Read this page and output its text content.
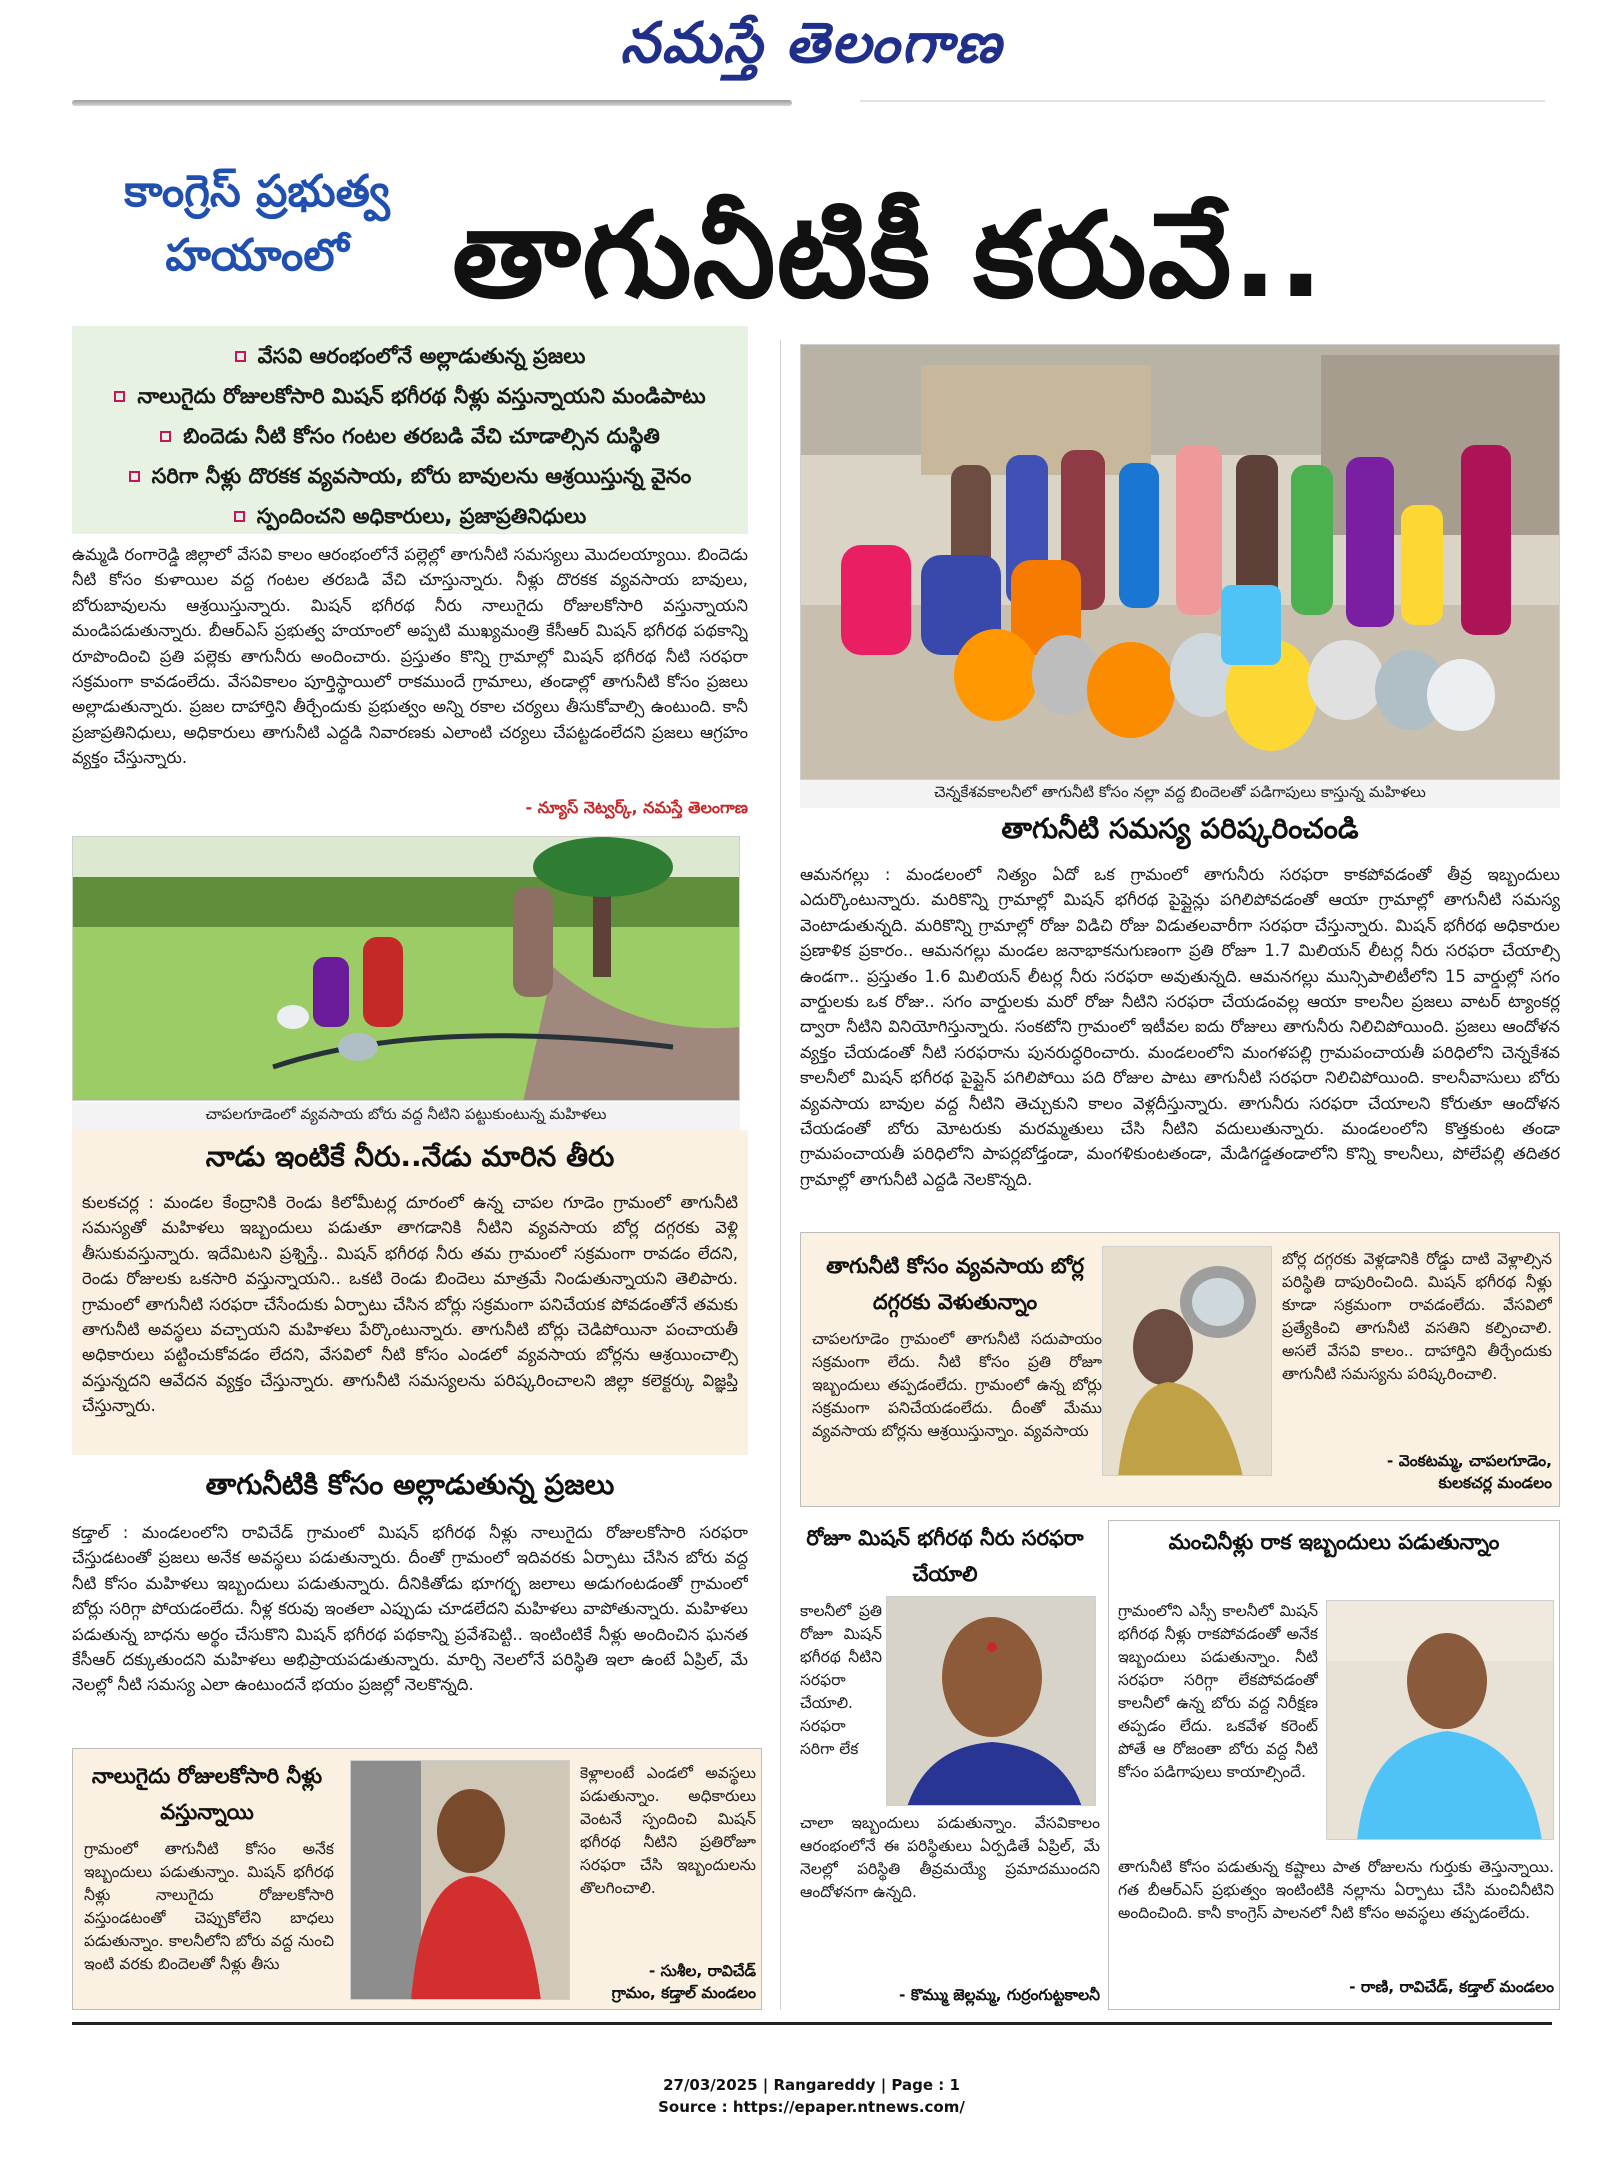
నమస్తే తెలంగాణ
కాంగ్రెస్ ప్రభుత్వ
హయాంలో తాగునీటికీ కరువే..
వేసవి ఆరంభంలోనే అల్లాడుతున్న ప్రజలు
నాలుగైదు రోజులకోసారి మిషన్ భగీరథ నీళ్లు వస్తున్నాయని మండిపాటు
బిందెడు నీటి కోసం గంటల తరబడి వేచి చూడాల్సిన దుస్థితి
సరిగా నీళ్లు దొరకక వ్యవసాయ, బోరు బావులను ఆశ్రయిస్తున్న వైనం
స్పందించని అధికారులు, ప్రజాప్రతినిధులు
ఉమ్మడి రంగారెడ్డి జిల్లాలో వేసవి కాలం ఆరంభంలోనే పల్లెల్లో తాగునీటి సమస్యలు మొదలయ్యాయి. బిందెడు నీటి కోసం కుళాయిల వద్ద గంటల తరబడి వేచి చూస్తున్నారు. నీళ్లు దొరకక వ్యవసాయ బావులు, బోరుబావులను ఆశ్రయిస్తున్నారు. మిషన్ భగీరథ నీరు నాలుగైదు రోజులకోసారి వస్తున్నాయని మండిపడుతున్నారు. బీఆర్ఎస్ ప్రభుత్వ హయాంలో అప్పటి ముఖ్యమంత్రి కేసీఆర్ మిషన్ భగీరథ పథకాన్ని రూపొందించి ప్రతి పల్లెకు తాగునీరు అందించారు. ప్రస్తుతం కొన్ని గ్రామాల్లో మిషన్ భగీరథ నీటి సరఫరా సక్రమంగా కావడంలేదు. వేసవికాలం పూర్తిస్థాయిలో రాకముందే గ్రామాలు, తండాల్లో తాగునీటి కోసం ప్రజలు అల్లాడుతున్నారు. ప్రజల దాహార్తిని తీర్చేందుకు ప్రభుత్వం అన్ని రకాల చర్యలు తీసుకోవాల్సి ఉంటుంది. కానీ ప్రజాప్రతినిధులు, అధికారులు తాగునీటి ఎద్దడి నివారణకు ఎలాంటి చర్యలు చేపట్టడంలేదని ప్రజలు ఆగ్రహం వ్యక్తం చేస్తున్నారు.
- న్యూస్ నెట్వర్క్, నమస్తే తెలంగాణ
చెన్నకేశవకాలనీలో తాగునీటి కోసం నల్లా వద్ద బిందెలతో పడిగాపులు కాస్తున్న మహిళలు
తాగునీటి సమస్య పరిష్కరించండి
ఆమనగల్లు : మండలంలో నిత్యం ఏదో ఒక గ్రామంలో తాగునీరు సరఫరా కాకపోవడంతో తీవ్ర ఇబ్బందులు ఎదుర్కొంటున్నారు. మరికొన్ని గ్రామాల్లో మిషన్ భగీరథ పైప్లైన్లు పగిలిపోవడంతో ఆయా గ్రామాల్లో తాగునీటి సమస్య వెంటాడుతున్నది. మరికొన్ని గ్రామాల్లో రోజు విడిచి రోజు విడుతలవారీగా సరఫరా చేస్తున్నారు. మిషన్ భగీరథ అధికారుల ప్రణాళిక ప్రకారం.. ఆమనగల్లు మండల జనాభాకనుగుణంగా ప్రతి రోజూ 1.7 మిలియన్ లీటర్ల నీరు సరఫరా చేయాల్సి ఉండగా.. ప్రస్తుతం 1.6 మిలియన్ లీటర్ల నీరు సరఫరా అవుతున్నది. ఆమనగల్లు మున్సిపాలిటీలోని 15 వార్డుల్లో సగం వార్డులకు ఒక రోజు.. సగం వార్డులకు మరో రోజు నీటిని సరఫరా చేయడంవల్ల ఆయా కాలనీల ప్రజలు వాటర్ ట్యాంకర్ల ద్వారా నీటిని వినియోగిస్తున్నారు. సంకటోని గ్రామంలో ఇటీవల ఐదు రోజులు తాగునీరు నిలిచిపోయింది. ప్రజలు ఆందోళన వ్యక్తం చేయడంతో నీటి సరఫరాను పునరుద్ధరించారు. మండలంలోని మంగళపల్లి గ్రామపంచాయతీ పరిధిలోని చెన్నకేశవ కాలనీలో మిషన్ భగీరథ పైప్లైన్ పగిలిపోయి పది రోజుల పాటు తాగునీటి సరఫరా నిలిచిపోయింది. కాలనీవాసులు బోరు వ్యవసాయ బావుల వద్ద నీటిని తెచ్చుకుని కాలం వెళ్లదీస్తున్నారు. తాగునీరు సరఫరా చేయాలని కోరుతూ ఆందోళన చేయడంతో బోరు మోటరుకు మరమ్మతులు చేసి నీటిని వదులుతున్నారు. మండలంలోని కొత్తకుంట తండా గ్రామపంచాయతీ పరిధిలోని పాపర్లబోడ్తండా, మంగళికుంటతండా, మేడిగడ్డతండాలోని కొన్ని కాలనీలు, పోలేపల్లి తదితర గ్రామాల్లో తాగునీటి ఎద్దడి నెలకొన్నది.
చాపలగూడెంలో వ్యవసాయ బోరు వద్ద నీటిని పట్టుకుంటున్న మహిళలు
నాడు ఇంటికే నీరు..నేడు మారిన తీరు
కులకచర్ల : మండల కేంద్రానికి రెండు కిలోమీటర్ల దూరంలో ఉన్న చాపల గూడెం గ్రామంలో తాగునీటి సమస్యతో మహిళలు ఇబ్బందులు పడుతూ తాగడానికి నీటిని వ్యవసాయ బోర్ల దగ్గరకు వెళ్లి తీసుకువస్తున్నారు. ఇదేమిటని ప్రశ్నిస్తే.. మిషన్ భగీరథ నీరు తమ గ్రామంలో సక్రమంగా రావడం లేదని, రెండు రోజులకు ఒకసారి వస్తున్నాయని.. ఒకటి రెండు బిందెలు మాత్రమే నిండుతున్నాయని తెలిపారు. గ్రామంలో తాగునీటి సరఫరా చేసేందుకు ఏర్పాటు చేసిన బోర్లు సక్రమంగా పనిచేయక పోవడంతోనే తమకు తాగునీటి అవస్థలు వచ్చాయని మహిళలు పేర్కొంటున్నారు. తాగునీటి బోర్లు చెడిపోయినా పంచాయతీ అధికారులు పట్టించుకోవడం లేదని, వేసవిలో నీటి కోసం ఎండలో వ్యవసాయ బోర్లను ఆశ్రయించాల్సి వస్తున్నదని ఆవేదన వ్యక్తం చేస్తున్నారు. తాగునీటి సమస్యలను పరిష్కరించాలని జిల్లా కలెక్టర్కు విజ్ఞప్తి చేస్తున్నారు.
తాగునీటికి కోసం అల్లాడుతున్న ప్రజలు
కడ్తాల్ : మండలంలోని రావిచేడ్ గ్రామంలో మిషన్ భగీరథ నీళ్లు నాలుగైదు రోజులకోసారి సరఫరా చేస్తుడటంతో ప్రజలు అనేక అవస్థలు పడుతున్నారు. దీంతో గ్రామంలో ఇదివరకు ఏర్పాటు చేసిన బోరు వద్ద నీటి కోసం మహిళలు ఇబ్బందులు పడుతున్నారు. దీనికితోడు భూగర్భ జలాలు అడుగంటడంతో గ్రామంలో బోర్లు సరిగ్గా పోయడంలేదు. నీళ్ల కరువు ఇంతలా ఎప్పుడు చూడలేదని మహిళలు వాపోతున్నారు. మహిళలు పడుతున్న బాధను అర్థం చేసుకొని మిషన్ భగీరథ పథకాన్ని ప్రవేశపెట్టి.. ఇంటింటికే నీళ్లు అందించిన ఘనత కేసీఆర్ దక్కుతుందని మహిళలు అభిప్రాయపడుతున్నారు. మార్చి నెలలోనే పరిస్థితి ఇలా ఉంటే ఏప్రిల్, మే నెలల్లో నీటి సమస్య ఎలా ఉంటుందనే భయం ప్రజల్లో నెలకొన్నది.
నాలుగైదు రోజులకోసారి నీళ్లు వస్తున్నాయి
గ్రామంలో తాగునీటి కోసం అనేక ఇబ్బందులు పడుతున్నాం. మిషన్ భగీరథ నీళ్లు నాలుగైదు రోజులకోసారి వస్తుండటంతో చెప్పుకోలేని బాధలు పడుతున్నాం. కాలనీలోని బోరు వద్ద నుంచి ఇంటి వరకు బిందెలతో నీళ్లు తీసు
కెళ్లాలంటే ఎండలో అవస్థలు పడుతున్నాం. అధికారులు వెంటనే స్పందించి మిషన్ భగీరథ నీటిని ప్రతిరోజూ సరఫరా చేసి ఇబ్బందులను తొలగించాలి.
- సుశీల, రావిచేడ్
గ్రామం, కడ్తాల్ మండలం
తాగునీటి కోసం వ్యవసాయ బోర్ల దగ్గరకు వెళుతున్నాం
చాపలగూడెం గ్రామంలో తాగునీటి సదుపాయం సక్రమంగా లేదు. నీటి కోసం ప్రతి రోజూ ఇబ్బందులు తప్పడంలేదు. గ్రామంలో ఉన్న బోర్లు సక్రమంగా పనిచేయడంలేదు. దీంతో మేము వ్యవసాయ బోర్లను ఆశ్రయిస్తున్నాం. వ్యవసాయ
బోర్ల దగ్గరకు వెళ్లడానికి రోడ్డు దాటి వెళ్లాల్సిన పరిస్థితి దాపురించింది. మిషన్ భగీరథ నీళ్లు కూడా సక్రమంగా రావడంలేదు. వేసవిలో ప్రత్యేకించి తాగునీటి వసతిని కల్పించాలి. అసలే వేసవి కాలం.. దాహార్తిని తీర్చేందుకు తాగునీటి సమస్యను పరిష్కరించాలి.
- వెంకటమ్మ, చాపలగూడెం,
కులకచర్ల మండలం
రోజూ మిషన్ భగీరథ నీరు సరఫరా చేయాలి
కాలనీలో ప్రతి రోజూ మిషన్ భగీరథ నీటిని సరఫరా చేయాలి. సరఫరా సరిగా లేక
చాలా ఇబ్బందులు పడుతున్నాం. వేసవికాలం ఆరంభంలోనే ఈ పరిస్థితులు ఏర్పడితే ఏప్రిల్, మే నెలల్లో పరిస్థితి తీవ్రమయ్యే ప్రమాదముందని ఆందోళనగా ఉన్నది.
- కొమ్ము జెల్లమ్మ, గుర్రంగుట్టకాలనీ
మంచినీళ్లు రాక ఇబ్బందులు పడుతున్నాం
గ్రామంలోని ఎస్సీ కాలనీలో మిషన్ భగీరథ నీళ్లు రాకపోవడంతో అనేక ఇబ్బందులు పడుతున్నాం. నీటి సరఫరా సరిగ్గా లేకపోవడంతో కాలనీలో ఉన్న బోరు వద్ద నిరీక్షణ తప్పడం లేదు. ఒకవేళ కరెంట్ పోతే ఆ రోజంతా బోరు వద్ద నీటి కోసం పడిగాపులు కాయాల్సిందే.
తాగునీటి కోసం పడుతున్న కష్టాలు పాత రోజులను గుర్తుకు తెస్తున్నాయి. గత బీఆర్ఎస్ ప్రభుత్వం ఇంటింటికి నల్లాను ఏర్పాటు చేసి మంచినీటిని అందించింది. కానీ కాంగ్రెస్ పాలనలో నీటి కోసం అవస్థలు తప్పడంలేదు.
- రాణి, రావిచేడ్, కడ్తాల్ మండలం
27/03/2025 | Rangareddy | Page : 1
Source : https://epaper.ntnews.com/
